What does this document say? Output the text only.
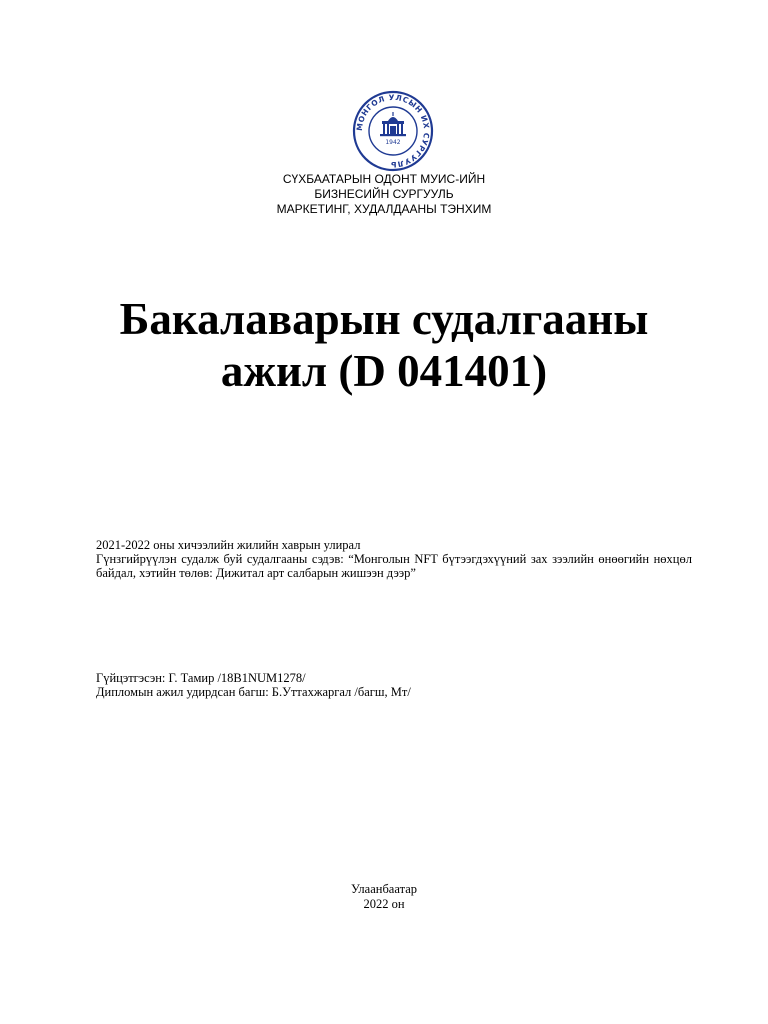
МОНГОЛ УЛСЫН ИХ СУРГУУЛЬ
1942
СҮХБААТАРЫН ОДОНТ МУИС-ИЙН
БИЗНЕСИЙН СУРГУУЛЬ
МАРКЕТИНГ, ХУДАЛДААНЫ ТЭНХИМ
Бакалаварын судалгааны
ажил (D 041401)
2021-2022 оны хичээлийн жилийн хаврын улирал
Гүнзгийрүүлэн судалж буй судалгааны сэдэв: “Монголын NFT бүтээгдэхүүний зах зээлийн өнөөгийн нөхцөл байдал, хэтийн төлөв: Дижитал арт салбарын жишээн дээр”
Гүйцэтгэсэн: Г. Тамир /18B1NUM1278/
Дипломын ажил удирдсан багш: Б.Уттахжаргал /багш, Mт/
Улаанбаатар
2022 он
